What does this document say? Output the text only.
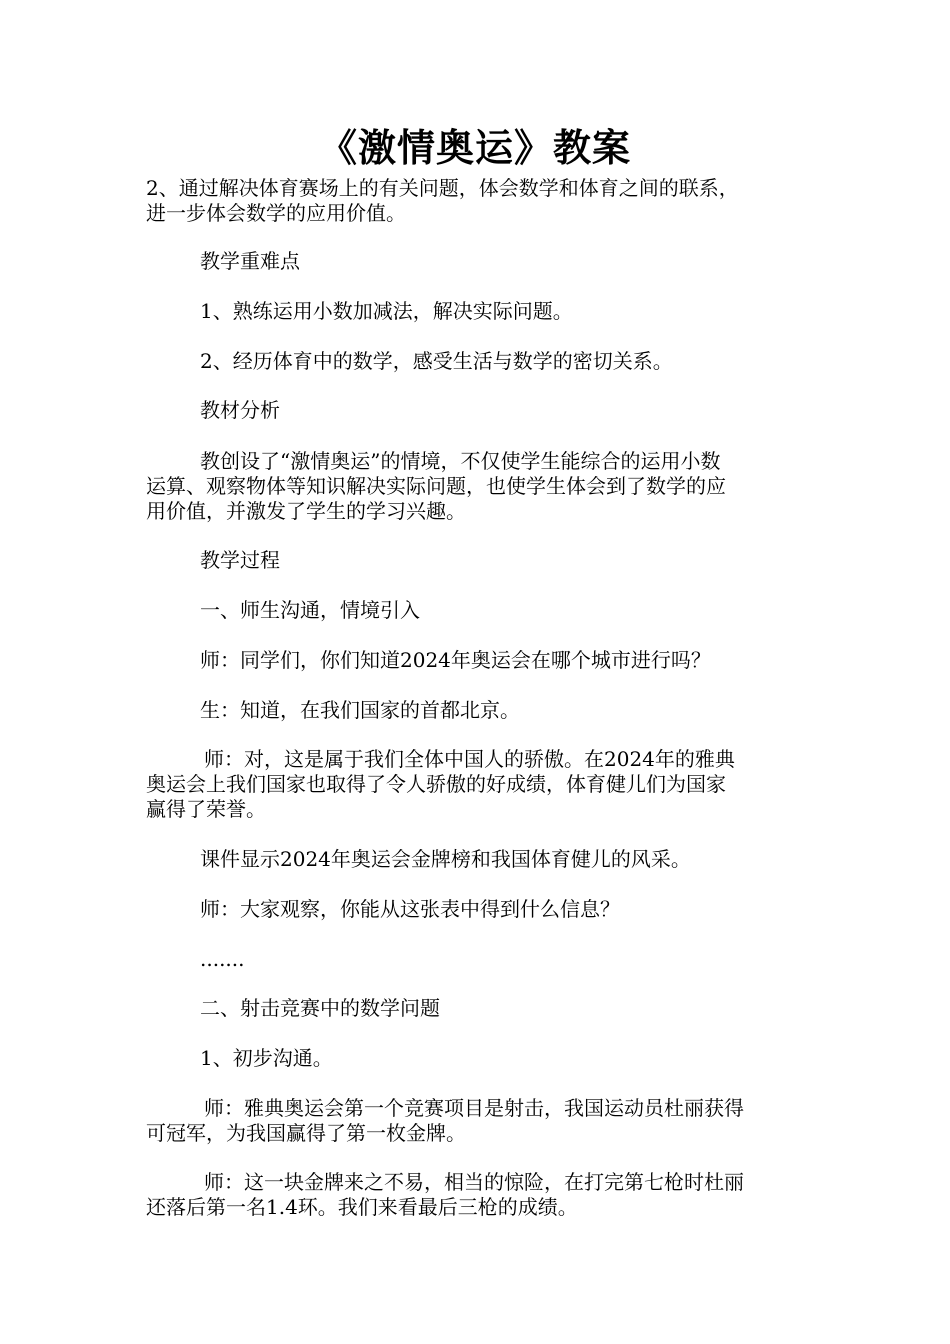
《激情奥运》教案

2、通过解决体育赛场上的有关问题，体会数学和体育之间的联系，

进一步体会数学的应用价值。

教学重难点

1、熟练运用小数加减法，解决实际问题。

2、经历体育中的数学，感受生活与数学的密切关系。

教材分析

教创设了“激情奥运”的情境，不仅使学生能综合的运用小数

运算、观察物体等知识解决实际问题，也使学生体会到了数学的应

用价值，并激发了学生的学习兴趣。

教学过程

一、师生沟通，情境引入

师：同学们，你们知道2024年奥运会在哪个城市进行吗？

生：知道，在我们国家的首都北京。

师：对，这是属于我们全体中国人的骄傲。在2024年的雅典

奥运会上我们国家也取得了令人骄傲的好成绩，体育健儿们为国家

赢得了荣誉。

课件显示2024年奥运会金牌榜和我国体育健儿的风采。

师：大家观察，你能从这张表中得到什么信息？

.......

二、射击竞赛中的数学问题

1、初步沟通。

师：雅典奥运会第一个竞赛项目是射击，我国运动员杜丽获得

可冠军，为我国赢得了第一枚金牌。

师：这一块金牌来之不易，相当的惊险，在打完第七枪时杜丽

还落后第一名1.4环。我们来看最后三枪的成绩。
